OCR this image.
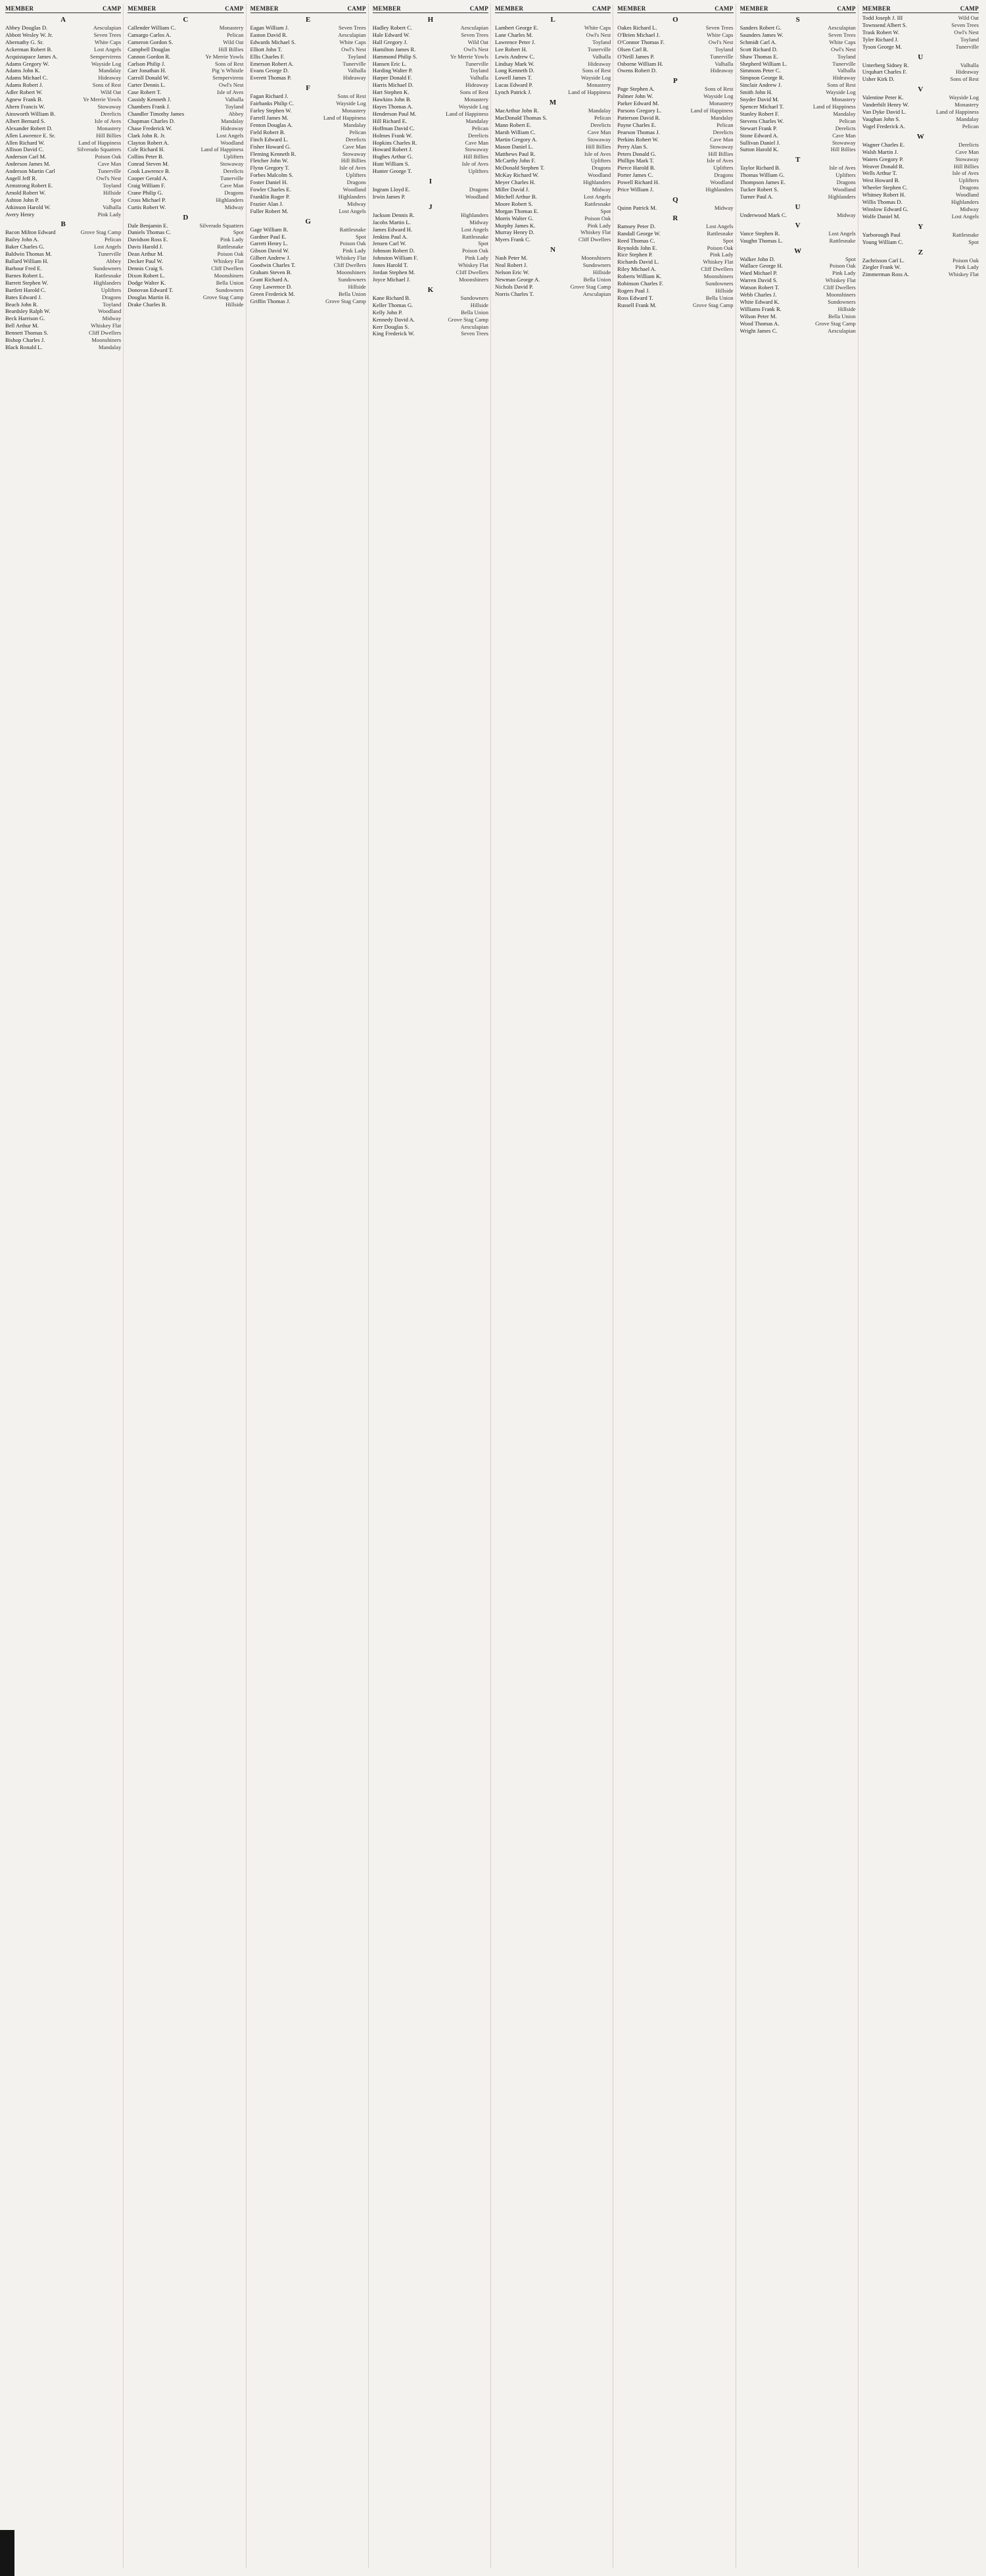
MEMBER	CAMP
A
Abbey Douglas D.	Aesculapian
Abbott Wesley W. Jr.	Seven Trees
Abernathy G. Sr.	White Caps
Ackerman Robert B.	Lost Angels
Acquistapace James A.	Sempervirens
Adams Gregory W.	Wayside Log
Adams John K.	Mandalay
Adams Michael C.	Hideaway
Adams Robert J.	Sons of Rest
Adler Robert W.	Wild Oat
Agnew Frank B.	Ye Merrie Yowls
Ahern Francis W.	Stowaway
Ainsworth William B.	Derelicts
Albert Bernard S.	Isle of Aves
Alexander Robert D.	Monastery
Allen Lawrence E. Sr.	Hill Billies
Allen Richard W.	Land of Happiness
Allison David C.	Silverado Squatters
Anderson Carl M.	Poison Oak
Anderson James M.	Cave Man
Anderson Martin Carl	Tunerville
Angell Jeff R.	Owl's Nest
Armstrong Robert E.	Toyland
Arnold Robert W.	Hillside
Ashton John P.	Spot
Atkinson Harold W.	Valhalla
Avery Henry	Pink Lady
B
Bacon Milton Edward	Grove Stag Camp
Bailey John A.	Pelican
Baker Charles G.	Lost Angels
Baldwin Thomas M.	Tunerville
Ballard William H.	Abbey
Barbour Fred E.	Sundowners
Barnes Robert L.	Rattlesnake
Barrett Stephen W.	Highlanders
Bartlett Harold C.	Uplifters
Bates Edward J.	Dragons
Beach John R.	Toyland
Beardsley Ralph W.	Woodland
Beck Harrison G.	Midway
Bell Arthur M.	Whiskey Flat
Bennett Thomas S.	Cliff Dwellers
Bishop Charles J.	Moonshiners
Black Ronald L.	Mandalay
MEMBER	CAMP
C
Callender William C.	Monastery
Camargo Carlos A.	Pelican
Cameron Gordon S.	Wild Oat
Campbell Douglas	Hill Billies
Cannon Gordon R.	Ye Merrie Yowls
Carlson Philip J.	Sons of Rest
Carr Jonathan H.	Pig 'n Whistle
Carroll Donald W.	Sempervirens
Carter Dennis L.	Owl's Nest
Case Robert T.	Isle of Aves
Cassidy Kenneth J.	Valhalla
Chambers Frank J.	Toyland
Chandler Timothy James	Abbey
Chapman Charles D.	Mandalay
Chase Frederick W.	Hideaway
Clark John R. Jr.	Lost Angels
Clayton Robert A.	Woodland
Cole Richard H.	Land of Happiness
Collins Peter B.	Uplifters
Conrad Steven M.	Stowaway
Cook Lawrence B.	Derelicts
Cooper Gerald A.	Tunerville
Craig William F.	Cave Man
Crane Philip G.	Dragons
Cross Michael P.	Highlanders
Curtis Robert W.	Midway
D
Dale Benjamin E.	Silverado Squatters
Daniels Thomas C.	Spot
Davidson Ross E.	Pink Lady
Davis Harold J.	Rattlesnake
Dean Arthur M.	Poison Oak
Decker Paul W.	Whiskey Flat
Dennis Craig S.	Cliff Dwellers
Dixon Robert L.	Moonshiners
Dodge Walter K.	Bella Union
Donovan Edward T.	Sundowners
Douglas Martin H.	Grove Stag Camp
Drake Charles B.	Hillside
MEMBER	CAMP
E
Eagan William J.	Seven Trees
Easton David R.	Aesculapian
Edwards Michael S.	White Caps
Elliott John T.	Owl's Nest
Ellis Charles F.	Toyland
Emerson Robert A.	Tunerville
Evans George D.	Valhalla
Everett Thomas P.	Hideaway
F
Fagan Richard J.	Sons of Rest
Fairbanks Philip C.	Wayside Log
Farley Stephen W.	Monastery
Farrell James M.	Land of Happiness
Fenton Douglas A.	Mandalay
Field Robert B.	Pelican
Finch Edward L.	Derelicts
Fisher Howard G.	Cave Man
Fleming Kenneth R.	Stowaway
Fletcher John W.	Hill Billies
Flynn Gregory T.	Isle of Aves
Forbes Malcolm S.	Uplifters
Foster Daniel H.	Dragons
Fowler Charles E.	Woodland
Franklin Roger P.	Highlanders
Frazier Alan J.	Midway
Fuller Robert M.	Lost Angels
G
Gage William R.	Rattlesnake
Gardner Paul E.	Spot
Garrett Henry L.	Poison Oak
Gibson David W.	Pink Lady
Gilbert Andrew J.	Whiskey Flat
Goodwin Charles T.	Cliff Dwellers
Graham Steven B.	Moonshiners
Grant Richard A.	Sundowners
Gray Lawrence D.	Hillside
Green Frederick M.	Bella Union
Griffin Thomas J.	Grove Stag Camp
MEMBER	CAMP
H
Hadley Robert C.	Aesculapian
Hale Edward W.	Seven Trees
Hall Gregory J.	Wild Oat
Hamilton James R.	Owl's Nest
Hammond Philip S.	Ye Merrie Yowls
Hansen Eric L.	Tunerville
Harding Walter P.	Toyland
Harper Donald F.	Valhalla
Harris Michael D.	Hideaway
Hart Stephen K.	Sons of Rest
Hawkins John B.	Monastery
Hayes Thomas A.	Wayside Log
Henderson Paul M.	Land of Happiness
Hill Richard E.	Mandalay
Hoffman David C.	Pelican
Holmes Frank W.	Derelicts
Hopkins Charles R.	Cave Man
Howard Robert J.	Stowaway
Hughes Arthur G.	Hill Billies
Hunt William S.	Isle of Aves
Hunter George T.	Uplifters
I
Ingram Lloyd E.	Dragons
Irwin James P.	Woodland
J
Jackson Dennis R.	Highlanders
Jacobs Martin L.	Midway
James Edward H.	Lost Angels
Jenkins Paul A.	Rattlesnake
Jensen Carl W.	Spot
Johnson Robert D.	Poison Oak
Johnston William F.	Pink Lady
Jones Harold T.	Whiskey Flat
Jordan Stephen M.	Cliff Dwellers
Joyce Michael J.	Moonshiners
K
Kane Richard B.	Sundowners
Keller Thomas G.	Hillside
Kelly John P.	Bella Union
Kennedy David A.	Grove Stag Camp
Kerr Douglas S.	Aesculapian
King Frederick W.	Seven Trees
MEMBER	CAMP
L
Lambert George E.	White Caps
Lane Charles M.	Owl's Nest
Lawrence Peter J.	Toyland
Lee Robert H.	Tunerville
Lewis Andrew C.	Valhalla
Lindsay Mark W.	Hideaway
Long Kenneth D.	Sons of Rest
Lowell James T.	Wayside Log
Lucas Edward P.	Monastery
Lynch Patrick J.	Land of Happiness
M
MacArthur John R.	Mandalay
MacDonald Thomas S.	Pelican
Mann Robert E.	Derelicts
Marsh William C.	Cave Man
Martin Gregory A.	Stowaway
Mason Daniel L.	Hill Billies
Matthews Paul R.	Isle of Aves
McCarthy John F.	Uplifters
McDonald Stephen T.	Dragons
McKay Richard W.	Woodland
Meyer Charles H.	Highlanders
Miller David J.	Midway
Mitchell Arthur B.	Lost Angels
Moore Robert S.	Rattlesnake
Morgan Thomas E.	Spot
Morris Walter G.	Poison Oak
Murphy James K.	Pink Lady
Murray Henry D.	Whiskey Flat
Myers Frank C.	Cliff Dwellers
N
Nash Peter M.	Moonshiners
Neal Robert J.	Sundowners
Nelson Eric W.	Hillside
Newman George A.	Bella Union
Nichols David P.	Grove Stag Camp
Norris Charles T.	Aesculapian
MEMBER	CAMP
O
Oakes Richard L.	Seven Trees
O'Brien Michael J.	White Caps
O'Connor Thomas F.	Owl's Nest
Olsen Carl R.	Toyland
O'Neill James P.	Tunerville
Osborne William H.	Valhalla
Owens Robert D.	Hideaway
P
Page Stephen A.	Sons of Rest
Palmer John W.	Wayside Log
Parker Edward M.	Monastery
Parsons Gregory L.	Land of Happiness
Patterson David R.	Mandalay
Payne Charles E.	Pelican
Pearson Thomas J.	Derelicts
Perkins Robert W.	Cave Man
Perry Alan S.	Stowaway
Peters Donald G.	Hill Billies
Phillips Mark T.	Isle of Aves
Pierce Harold B.	Uplifters
Porter James C.	Dragons
Powell Richard H.	Woodland
Price William J.	Highlanders
Q
Quinn Patrick M.	Midway
R
Ramsey Peter D.	Lost Angels
Randall George W.	Rattlesnake
Reed Thomas C.	Spot
Reynolds John E.	Poison Oak
Rice Stephen P.	Pink Lady
Richards David L.	Whiskey Flat
Riley Michael A.	Cliff Dwellers
Roberts William K.	Moonshiners
Robinson Charles F.	Sundowners
Rogers Paul J.	Hillside
Ross Edward T.	Bella Union
Russell Frank M.	Grove Stag Camp
MEMBER	CAMP
S
Sanders Robert G.	Aesculapian
Saunders James W.	Seven Trees
Schmidt Carl A.	White Caps
Scott Richard D.	Owl's Nest
Shaw Thomas E.	Toyland
Shepherd William L.	Tunerville
Simmons Peter C.	Valhalla
Simpson George R.	Hideaway
Sinclair Andrew J.	Sons of Rest
Smith John H.	Wayside Log
Snyder David M.	Monastery
Spencer Michael T.	Land of Happiness
Stanley Robert F.	Mandalay
Stevens Charles W.	Pelican
Stewart Frank P.	Derelicts
Stone Edward A.	Cave Man
Sullivan Daniel J.	Stowaway
Sutton Harold K.	Hill Billies
T
Taylor Richard B.	Isle of Aves
Thomas William G.	Uplifters
Thompson James E.	Dragons
Tucker Robert S.	Woodland
Turner Paul A.	Highlanders
U
Underwood Mark C.	Midway
V
Vance Stephen R.	Lost Angels
Vaughn Thomas L.	Rattlesnake
W
Walker John D.	Spot
Wallace George H.	Poison Oak
Ward Michael P.	Pink Lady
Warren David S.	Whiskey Flat
Watson Robert T.	Cliff Dwellers
Webb Charles J.	Moonshiners
White Edward K.	Sundowners
Williams Frank R.	Hillside
Wilson Peter M.	Bella Union
Wood Thomas A.	Grove Stag Camp
Wright James C.	Aesculapian
MEMBER	CAMP
Todd Joseph J. III	Wild Oat
Townsend Albert S.	Seven Trees
Trask Robert W.	Owl's Nest
Tyler Richard J.	Toyland
Tyson George M.	Tunerville
U
Unterberg Sidney R.	Valhalla
Urquhart Charles F.	Hideaway
Usher Kirk D.	Sons of Rest
V
Valentine Peter K.	Wayside Log
Vanderbilt Henry W.	Monastery
Van Dyke David L.	Land of Happiness
Vaughan John S.	Mandalay
Vogel Frederick A.	Pelican
W
Wagner Charles E.	Derelicts
Walsh Martin J.	Cave Man
Waters Gregory P.	Stowaway
Weaver Donald R.	Hill Billies
Wells Arthur T.	Isle of Aves
West Howard B.	Uplifters
Wheeler Stephen C.	Dragons
Whitney Robert H.	Woodland
Willis Thomas D.	Highlanders
Winslow Edward G.	Midway
Wolfe Daniel M.	Lost Angels
Y
Yarborough Paul	Rattlesnake
Young William C.	Spot
Z
Zachrisson Carl L.	Poison Oak
Ziegler Frank W.	Pink Lady
Zimmerman Ross A.	Whiskey Flat
